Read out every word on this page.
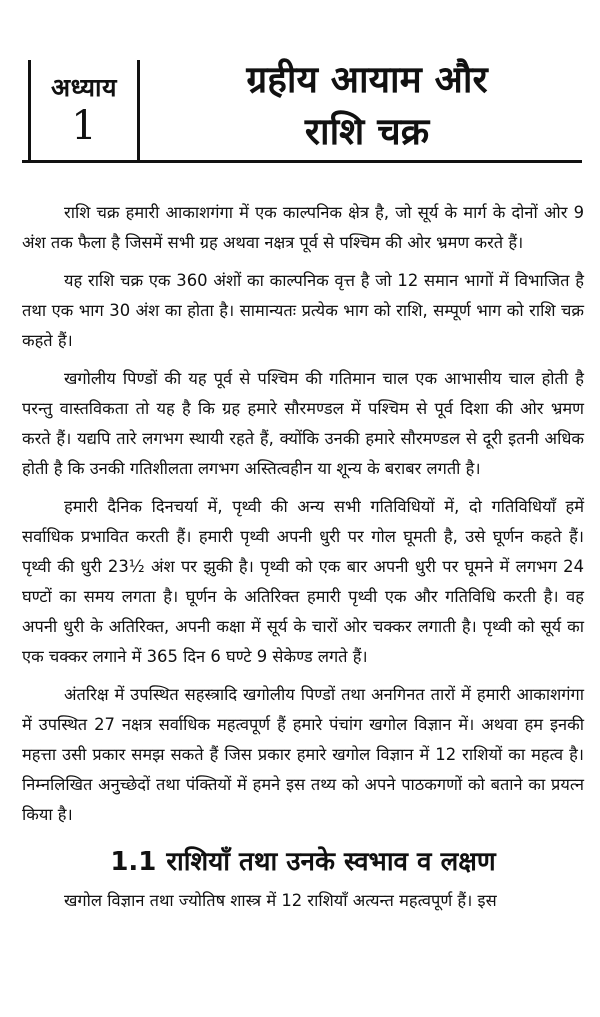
अध्याय
1
ग्रहीय आयाम और
राशि चक्र

राशि चक्र हमारी आकाशगंगा में एक काल्पनिक क्षेत्र है, जो सूर्य के मार्ग के दोनों ओर 9 अंश तक फैला है जिसमें सभी ग्रह अथवा नक्षत्र पूर्व से पश्चिम की ओर भ्रमण करते हैं।

यह राशि चक्र एक 360 अंशों का काल्पनिक वृत्त है जो 12 समान भागों में विभाजित है तथा एक भाग 30 अंश का होता है। सामान्यतः प्रत्येक भाग को राशि, सम्पूर्ण भाग को राशि चक्र कहते हैं।

खगोलीय पिण्डों की यह पूर्व से पश्चिम की गतिमान चाल एक आभासीय चाल होती है परन्तु वास्तविकता तो यह है कि ग्रह हमारे सौरमण्डल में पश्चिम से पूर्व दिशा की ओर भ्रमण करते हैं। यद्यपि तारे लगभग स्थायी रहते हैं, क्योंकि उनकी हमारे सौरमण्डल से दूरी इतनी अधिक होती है कि उनकी गतिशीलता लगभग अस्तित्वहीन या शून्य के बराबर लगती है।

हमारी दैनिक दिनचर्या में, पृथ्वी की अन्य सभी गतिविधियों में, दो गतिविधियाँ हमें सर्वाधिक प्रभावित करती हैं। हमारी पृथ्वी अपनी धुरी पर गोल घूमती है, उसे घूर्णन कहते हैं। पृथ्वी की धुरी 23½ अंश पर झुकी है। पृथ्वी को एक बार अपनी धुरी पर घूमने में लगभग 24 घण्टों का समय लगता है। घूर्णन के अतिरिक्त हमारी पृथ्वी एक और गतिविधि करती है। वह अपनी धुरी के अतिरिक्त, अपनी कक्षा में सूर्य के चारों ओर चक्कर लगाती है। पृथ्वी को सूर्य का एक चक्कर लगाने में 365 दिन 6 घण्टे 9 सेकेण्ड लगते हैं।

अंतरिक्ष में उपस्थित सहस्त्रादि खगोलीय पिण्डों तथा अनगिनत तारों में हमारी आकाशगंगा में उपस्थित 27 नक्षत्र सर्वाधिक महत्वपूर्ण हैं हमारे पंचांग खगोल विज्ञान में। अथवा हम इनकी महत्ता उसी प्रकार समझ सकते हैं जिस प्रकार हमारे खगोल विज्ञान में 12 राशियों का महत्व है। निम्नलिखित अनुच्छेदों तथा पंक्तियों में हमने इस तथ्य को अपने पाठकगणों को बताने का प्रयत्न किया है।

1.1 राशियाँ तथा उनके स्वभाव व लक्षण

खगोल विज्ञान तथा ज्योतिष शास्त्र में 12 राशियाँ अत्यन्त महत्वपूर्ण हैं। इस
